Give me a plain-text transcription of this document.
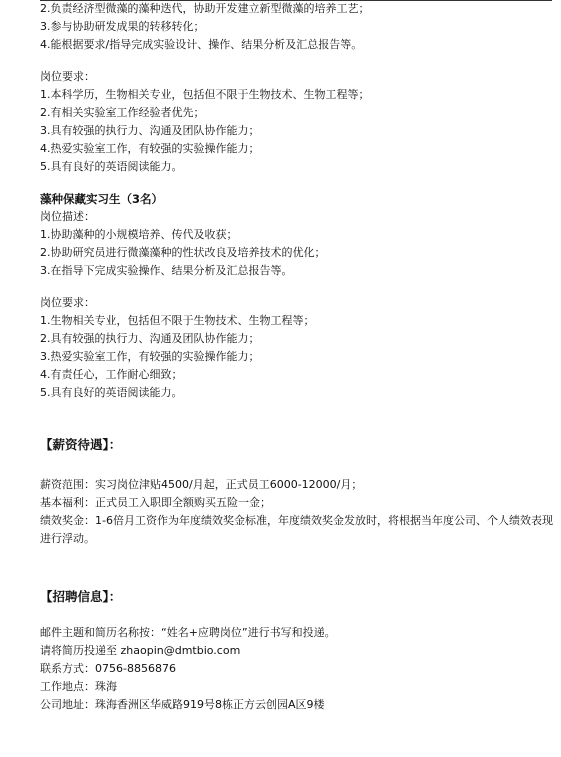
2.负责经济型微藻的藻种迭代，协助开发建立新型微藻的培养工艺；
3.参与协助研发成果的转移转化；
4.能根据要求/指导完成实验设计、操作、结果分析及汇总报告等。
岗位要求：
1.本科学历，生物相关专业，包括但不限于生物技术、生物工程等；
2.有相关实验室工作经验者优先；
3.具有较强的执行力、沟通及团队协作能力；
4.热爱实验室工作，有较强的实验操作能力；
5.具有良好的英语阅读能力。
藻种保藏实习生（3名）
岗位描述：
1.协助藻种的小规模培养、传代及收获；
2.协助研究员进行微藻藻种的性状改良及培养技术的优化；
3.在指导下完成实验操作、结果分析及汇总报告等。
岗位要求：
1.生物相关专业，包括但不限于生物技术、生物工程等；
2.具有较强的执行力、沟通及团队协作能力；
3.热爱实验室工作，有较强的实验操作能力；
4.有责任心，工作耐心细致；
5.具有良好的英语阅读能力。
【薪资待遇】：
薪资范围：实习岗位津贴4500/月起，正式员工6000-12000/月；
基本福利：正式员工入职即全额购买五险一金；
绩效奖金：1-6倍月工资作为年度绩效奖金标准，年度绩效奖金发放时，将根据当年度公司、个人绩效表现进行浮动。
【招聘信息】：
邮件主题和简历名称按：“姓名+应聘岗位”进行书写和投递。
请将简历投递至 zhaopin@dmtbio.com
联系方式：0756-8856876
工作地点：珠海
公司地址：珠海香洲区华威路919号8栋正方云创园A区9楼
